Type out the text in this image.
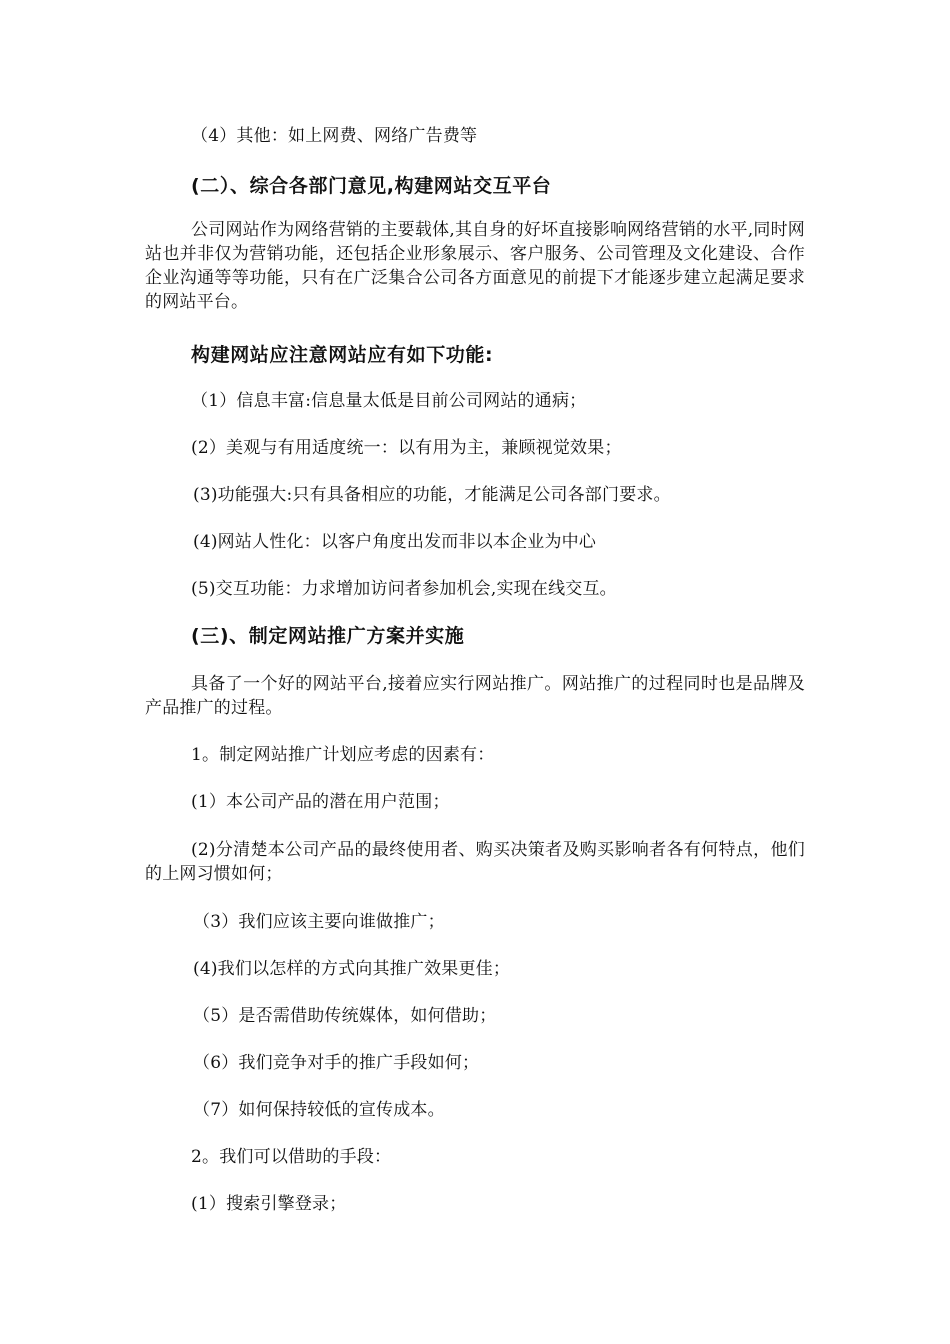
（4）其他：如上网费、网络广告费等
(二）、综合各部门意见,构建网站交互平台
公司网站作为网络营销的主要载体,其自身的好坏直接影响网络营销的水平,同时网站也并非仅为营销功能，还包括企业形象展示、客户服务、公司管理及文化建设、合作企业沟通等等功能，只有在广泛集合公司各方面意见的前提下才能逐步建立起满足要求的网站平台。
构建网站应注意网站应有如下功能:
（1）信息丰富:信息量太低是目前公司网站的通病；
(2）美观与有用适度统一：以有用为主，兼顾视觉效果；
(3)功能强大:只有具备相应的功能，才能满足公司各部门要求。
(4)网站人性化：以客户角度出发而非以本企业为中心
(5)交互功能：力求增加访问者参加机会,实现在线交互。
(三)、制定网站推广方案并实施
具备了一个好的网站平台,接着应实行网站推广。网站推广的过程同时也是品牌及产品推广的过程。
1。制定网站推广计划应考虑的因素有：
(1）本公司产品的潜在用户范围；
(2)分清楚本公司产品的最终使用者、购买决策者及购买影响者各有何特点，他们的上网习惯如何；
（3）我们应该主要向谁做推广；
(4)我们以怎样的方式向其推广效果更佳；
（5）是否需借助传统媒体，如何借助；
（6）我们竞争对手的推广手段如何；
（7）如何保持较低的宣传成本。
2。我们可以借助的手段：
(1）搜索引擎登录；
